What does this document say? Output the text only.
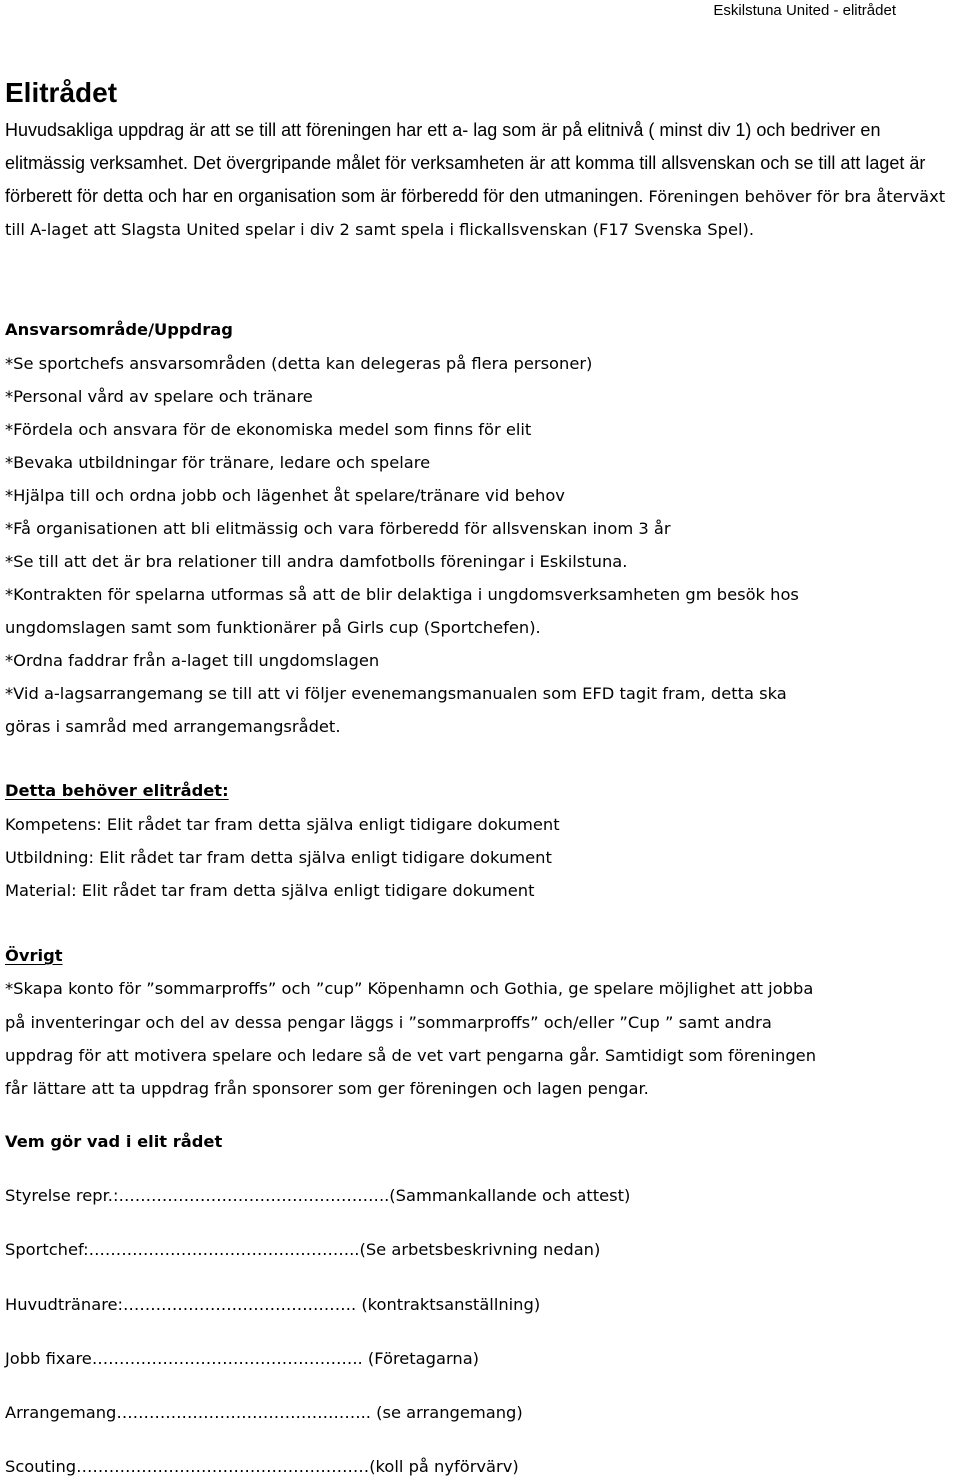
Eskilstuna United - elitrådet
Elitrådet

Huvudsakliga uppdrag är att se till att föreningen har ett a- lag som är på elitnivå ( minst div 1) och bedriver en elitmässig verksamhet. Det övergripande målet för verksamheten är att komma till allsvenskan och se till att laget är förberett för detta och har en organisation som är förberedd för den utmaningen. Föreningen behöver för bra återväxt till A-laget att Slagsta United spelar i div 2 samt spela i flickallsvenskan (F17 Svenska Spel).

Ansvarsområde/Uppdrag

*Se sportchefs ansvarsområden (detta kan delegeras på flera personer)

*Personal vård av spelare och tränare

*Fördela och ansvara för de ekonomiska medel som finns för elit

*Bevaka utbildningar för tränare, ledare och spelare

*Hjälpa till och ordna jobb och lägenhet åt spelare/tränare vid behov

*Få organisationen att bli elitmässig och vara förberedd för allsvenskan inom 3 år

*Se till att det är bra relationer till andra damfotbolls föreningar i Eskilstuna.

*Kontrakten för spelarna utformas så att de blir delaktiga i ungdomsverksamheten gm besök hos

ungdomslagen samt som funktionärer på Girls cup (Sportchefen).

*Ordna faddrar från a-laget till ungdomslagen

*Vid a-lagsarrangemang se till att vi följer evenemangsmanualen som EFD tagit fram, detta ska

göras i samråd med arrangemangsrådet.

Detta behöver elitrådet:

Kompetens: Elit rådet tar fram detta själva enligt tidigare dokument

Utbildning: Elit rådet tar fram detta själva enligt tidigare dokument

Material: Elit rådet tar fram detta själva enligt tidigare dokument

Övrigt

*Skapa konto för ”sommarproffs” och ”cup” Köpenhamn och Gothia, ge spelare möjlighet att jobba

på inventeringar och del av dessa pengar läggs i ”sommarproffs” och/eller ”Cup ” samt andra

uppdrag för att motivera spelare och ledare så de vet vart pengarna går. Samtidigt som föreningen

får lättare att ta uppdrag från sponsorer som ger föreningen och lagen pengar.

Vem gör vad i elit rådet

Styrelse repr.:…………………………………………..(Sammankallande och attest)

Sportchef:…………………………………………..(Se arbetsbeskrivning nedan)

Huvudtränare:……………………………………. (kontraktsanställning)

Jobb fixare………………………………………….. (Företagarna)

Arrangemang……………………………………….. (se arrangemang)

Scouting………………………………………………(koll på nyförvärv)
